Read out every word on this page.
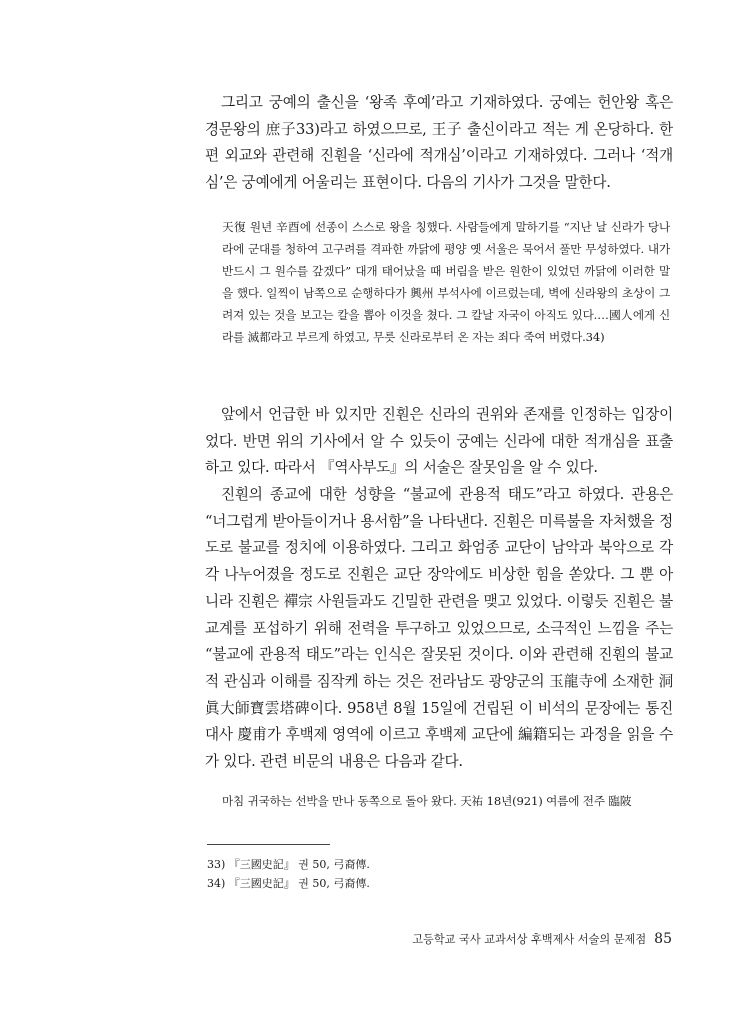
그리고 궁예의 출신을 ‘왕족 후예’라고 기재하였다. 궁예는 헌안왕 혹은 경문왕의 庶子33)라고 하였으므로, 王子 출신이라고 적는 게 온당하다. 한편 외교와 관련해 진훤을 ‘신라에 적개심’이라고 기재하였다. 그러나 ‘적개심’은 궁예에게 어울리는 표현이다. 다음의 기사가 그것을 말한다.

天復 원년 辛酉에 선종이 스스로 왕을 칭했다. 사람들에게 말하기를 “지난 날 신라가 당나라에 군대를 청하여 고구려를 격파한 까닭에 평양 옛 서울은 묵어서 풀만 무성하였다. 내가 반드시 그 원수를 갚겠다” 대개 태어났을 때 버림을 받은 원한이 있었던 까닭에 이러한 말을 했다. 일찍이 남쪽으로 순행하다가 興州 부석사에 이르렀는데, 벽에 신라왕의 초상이 그려져 있는 것을 보고는 칼을 뽑아 이것을 쳤다. 그 칼날 자국이 아직도 있다.…國人에게 신라를 滅都라고 부르게 하였고, 무릇 신라로부터 온 자는 죄다 죽여 버렸다.34)

앞에서 언급한 바 있지만 진훤은 신라의 권위와 존재를 인정하는 입장이었다. 반면 위의 기사에서 알 수 있듯이 궁예는 신라에 대한 적개심을 표출하고 있다. 따라서 『역사부도』의 서술은 잘못임을 알 수 있다.

진훤의 종교에 대한 성향을 “불교에 관용적 태도”라고 하였다. 관용은 “너그럽게 받아들이거나 용서함”을 나타낸다. 진훤은 미륵불을 자처했을 정도로 불교를 정치에 이용하였다. 그리고 화엄종 교단이 남악과 북악으로 각각 나누어졌을 정도로 진훤은 교단 장악에도 비상한 힘을 쏟았다. 그 뿐 아니라 진훤은 禪宗 사원들과도 긴밀한 관련을 맺고 있었다. 이렇듯 진훤은 불교계를 포섭하기 위해 전력을 투구하고 있었으므로, 소극적인 느낌을 주는 “불교에 관용적 태도”라는 인식은 잘못된 것이다. 이와 관련해 진훤의 불교적 관심과 이해를 짐작케 하는 것은 전라남도 광양군의 玉龍寺에 소재한 洞眞大師寶雲塔碑이다. 958년 8월 15일에 건립된 이 비석의 문장에는 통진대사 慶甫가 후백제 영역에 이르고 후백제 교단에 編籍되는 과정을 읽을 수가 있다. 관련 비문의 내용은 다음과 같다.

마침 귀국하는 선박을 만나 동쪽으로 돌아 왔다. 天祐 18년(921) 여름에 전주 臨陂

33) 『三國史記』 권 50, 弓裔傳.

34) 『三國史記』 권 50, 弓裔傳.

고등학교 국사 교과서상 후백제사 서술의 문제점 85
